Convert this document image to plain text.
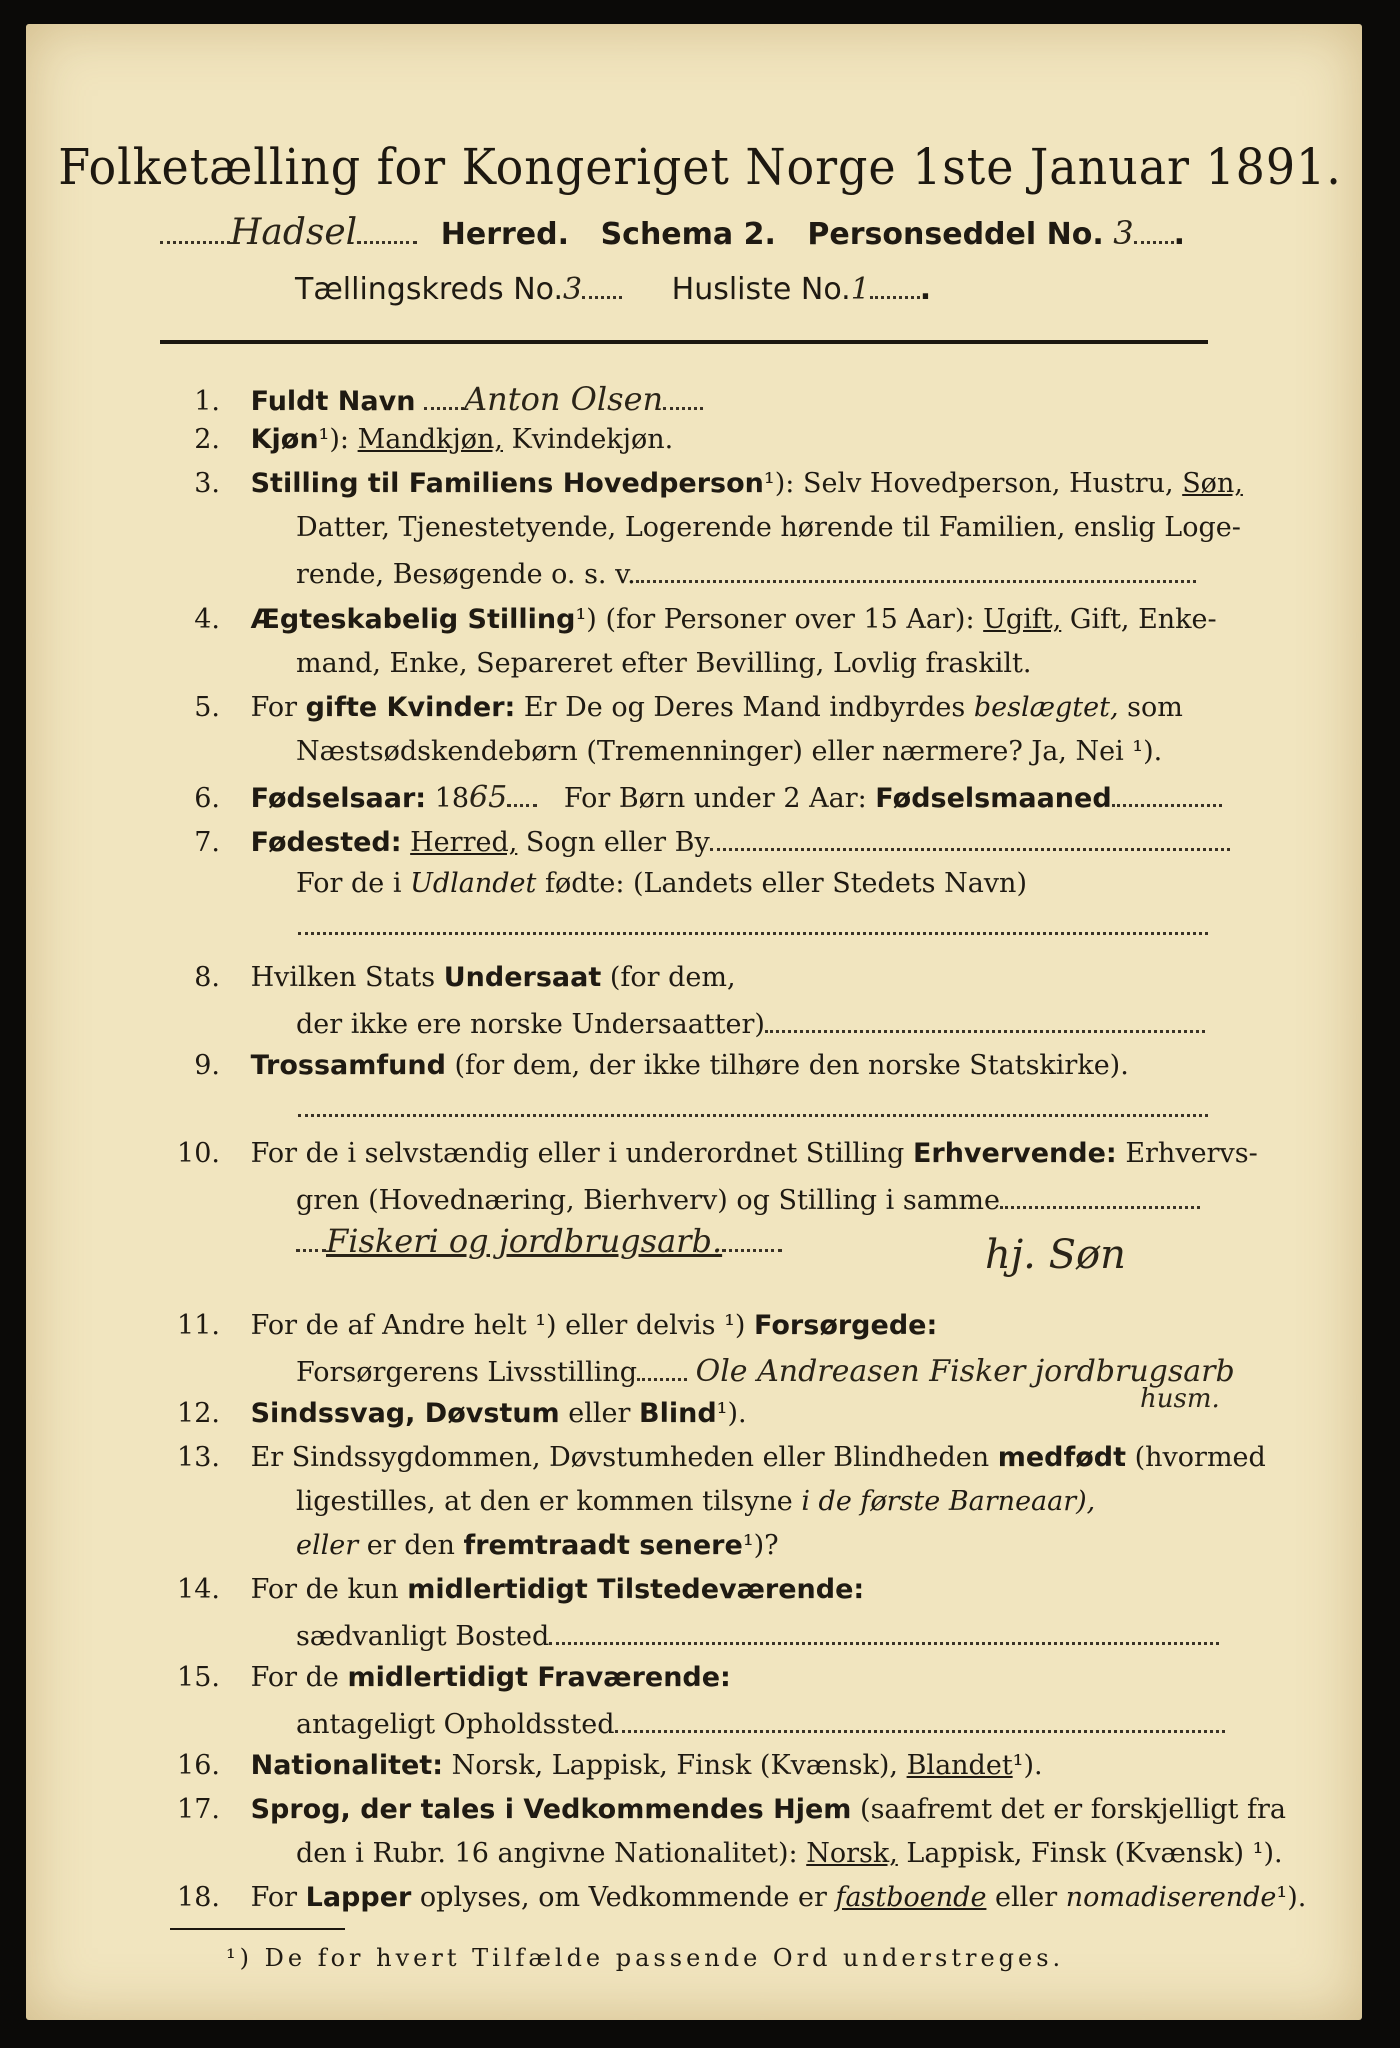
Folketælling for Kongeriget Norge 1ste Januar 1891.
Hadsel	Herred. Schema 2. Personseddel No. 3 .
Tællingskreds No.3	Husliste No.1 .
1. Fuldt Navn Anton Olsen
2. Kjøn¹): Mandkjøn, Kvindekjøn.
3. Stilling til Familiens Hovedperson¹): Selv Hovedperson, Hustru, Søn,
Datter, Tjenestetyende, Logerende hørende til Familien, enslig Loge-
rende, Besøgende o. s. v.
4. Ægteskabelig Stilling¹) (for Personer over 15 Aar): Ugift, Gift, Enke-
mand, Enke, Separeret efter Bevilling, Lovlig fraskilt.
5. For gifte Kvinder: Er De og Deres Mand indbyrdes beslægtet, som
Næstsødskendebørn (Tremenninger) eller nærmere? Ja, Nei ¹).
6. Fødselsaar: 1865 For Børn under 2 Aar: Fødselsmaaned
7. Fødested: Herred, Sogn eller By
For de i Udlandet fødte: (Landets eller Stedets Navn)
8. Hvilken Stats Undersaat (for dem,
der ikke ere norske Undersaatter)
9. Trossamfund (for dem, der ikke tilhøre den norske Statskirke).
10. For de i selvstændig eller i underordnet Stilling Erhvervende: Erhvervs-
gren (Hovednæring, Bierhverv) og Stilling i samme
Fiskeri og jordbrugsarb.	hj. Søn
11. For de af Andre helt ¹) eller delvis ¹) Forsørgede:
Forsørgerens Livsstilling Ole Andreasen Fisker jordbrugsarb
husm.
12. Sindssvag, Døvstum eller Blind¹).
13. Er Sindssygdommen, Døvstumheden eller Blindheden medfødt (hvormed
ligestilles, at den er kommen tilsyne i de første Barneaar),
eller er den fremtraadt senere¹)?
14. For de kun midlertidigt Tilstedeværende:
sædvanligt Bosted
15. For de midlertidigt Fraværende:
antageligt Opholdssted
16. Nationalitet: Norsk, Lappisk, Finsk (Kvænsk), Blandet¹).
17. Sprog, der tales i Vedkommendes Hjem (saafremt det er forskjelligt fra
den i Rubr. 16 angivne Nationalitet): Norsk, Lappisk, Finsk (Kvænsk) ¹).
18. For Lapper oplyses, om Vedkommende er fastboende eller nomadiserende¹).
¹) De for hvert Tilfælde passende Ord understreges.
